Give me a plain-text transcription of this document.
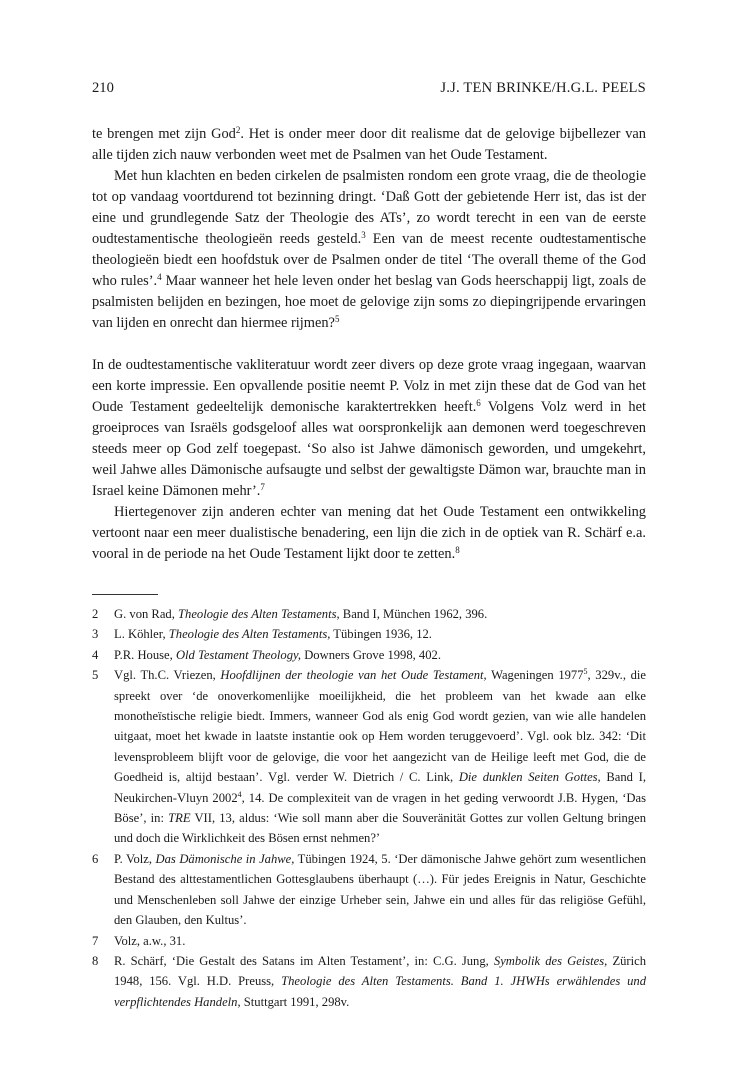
210	J.J. TEN BRINKE/H.G.L. PEELS

te brengen met zijn God$^2$. Het is onder meer door dit realisme dat de gelovige bijbellezer van alle tijden zich nauw verbonden weet met de Psalmen van het Oude Testament.

Met hun klachten en beden cirkelen de psalmisten rondom een grote vraag, die de theologie tot op vandaag voortdurend tot bezinning dringt. ‘Daß Gott der gebietende Herr ist, das ist der eine und grundlegende Satz der Theologie des ATs’, zo wordt terecht in een van de eerste oudtestamentische theologieën reeds gesteld.$^3$ Een van de meest recente oudtestamentische theologieën biedt een hoofdstuk over de Psalmen onder de titel ‘The overall theme of the God who rules’.$^4$ Maar wanneer het hele leven onder het beslag van Gods heerschappij ligt, zoals de psalmisten belijden en bezingen, hoe moet de gelovige zijn soms zo diepingrijpende ervaringen van lijden en onrecht dan hiermee rijmen?$^5$

In de oudtestamentische vakliteratuur wordt zeer divers op deze grote vraag ingegaan, waarvan een korte impressie. Een opvallende positie neemt P. Volz in met zijn these dat de God van het Oude Testament gedeeltelijk demonische karaktertrekken heeft.$^6$ Volgens Volz werd in het groeiproces van Israëls godsgeloof alles wat oorspronkelijk aan demonen werd toegeschreven steeds meer op God zelf toegepast. ‘So also ist Jahwe dämonisch geworden, und umgekehrt, weil Jahwe alles Dämonische aufsaugte und selbst der gewaltigste Dämon war, brauchte man in Israel keine Dämonen mehr’.$^7$

Hiertegenover zijn anderen echter van mening dat het Oude Testament een ontwikkeling vertoont naar een meer dualistische benadering, een lijn die zich in de optiek van R. Schärf e.a. vooral in de periode na het Oude Testament lijkt door te zetten.$^8$

2 G. von Rad, Theologie des Alten Testaments, Band I, München 1962, 396.
3 L. Köhler, Theologie des Alten Testaments, Tübingen 1936, 12.
4 P.R. House, Old Testament Theology, Downers Grove 1998, 402.
5 Vgl. Th.C. Vriezen, Hoofdlijnen der theologie van het Oude Testament, Wageningen 1977$^5$, 329v., die spreekt over ‘de onoverkomenlijke moeilijkheid, die het probleem van het kwade aan elke monotheïstische religie biedt. Immers, wanneer God als enig God wordt gezien, van wie alle handelen uitgaat, moet het kwade in laatste instantie ook op Hem worden teruggevoerd’. Vgl. ook blz. 342: ‘Dit levensprobleem blijft voor de gelovige, die voor het aangezicht van de Heilige leeft met God, die de Goedheid is, altijd bestaan’. Vgl. verder W. Dietrich / C. Link, Die dunklen Seiten Gottes, Band I, Neukirchen-Vluyn 2002$^4$, 14. De complexiteit van de vragen in het geding verwoordt J.B. Hygen, ‘Das Böse’, in: TRE VII, 13, aldus: ‘Wie soll mann aber die Souveränität Gottes zur vollen Geltung bringen und doch die Wirklichkeit des Bösen ernst nehmen?’
6 P. Volz, Das Dämonische in Jahwe, Tübingen 1924, 5. ‘Der dämonische Jahwe gehört zum wesentlichen Bestand des alttestamentlichen Gottesglaubens überhaupt (…). Für jedes Ereignis in Natur, Geschichte und Menschenleben soll Jahwe der einzige Urheber sein, Jahwe ein und alles für das religiöse Gefühl, den Glauben, den Kultus’.
7 Volz, a.w., 31.
8 R. Schärf, ‘Die Gestalt des Satans im Alten Testament’, in: C.G. Jung, Symbolik des Geistes, Zürich 1948, 156. Vgl. H.D. Preuss, Theologie des Alten Testaments. Band 1. JHWHs erwählendes und verpflichtendes Handeln, Stuttgart 1991, 298v.
